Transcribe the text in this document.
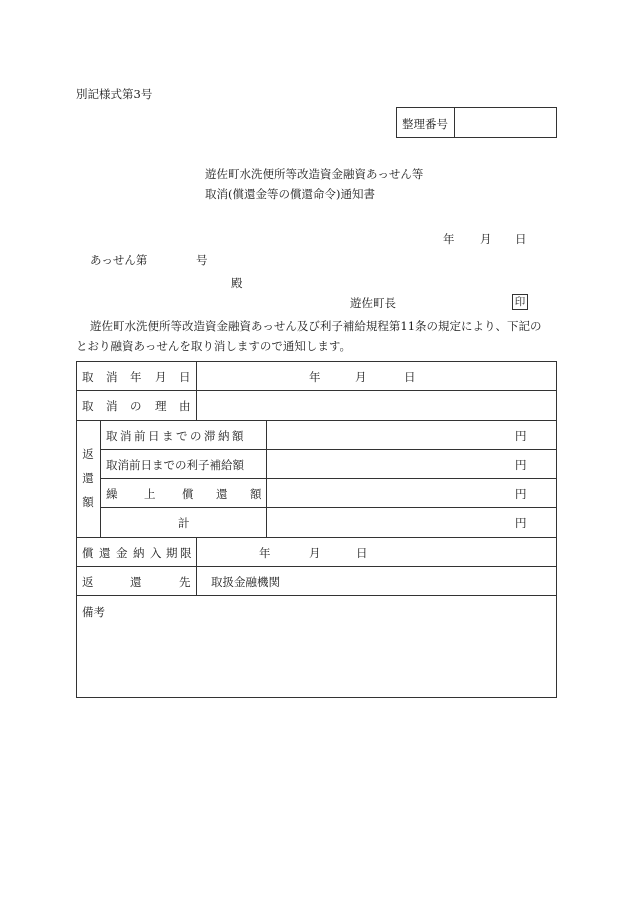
別記様式第3号
整理番号
遊佐町水洗便所等改造資金融資あっせん等
取消(償還金等の償還命令)通知書
年 月 日
あっせん第	号
殿
遊佐町長	印
遊佐町水洗便所等改造資金融資あっせん及び利子補給規程第11条の規定により、下記の
とおり融資あっせんを取り消しますので通知します。
取 消 年 月 日	年	月	日
取 消 の 理 由
返
還
額
取消前日までの滞納額	円
取消前日までの利子補給額	円
繰 上 償 還 額	円
計	円
償 還 金 納 入 期 限	年	月	日
返	還	先 取扱金融機関
備考
